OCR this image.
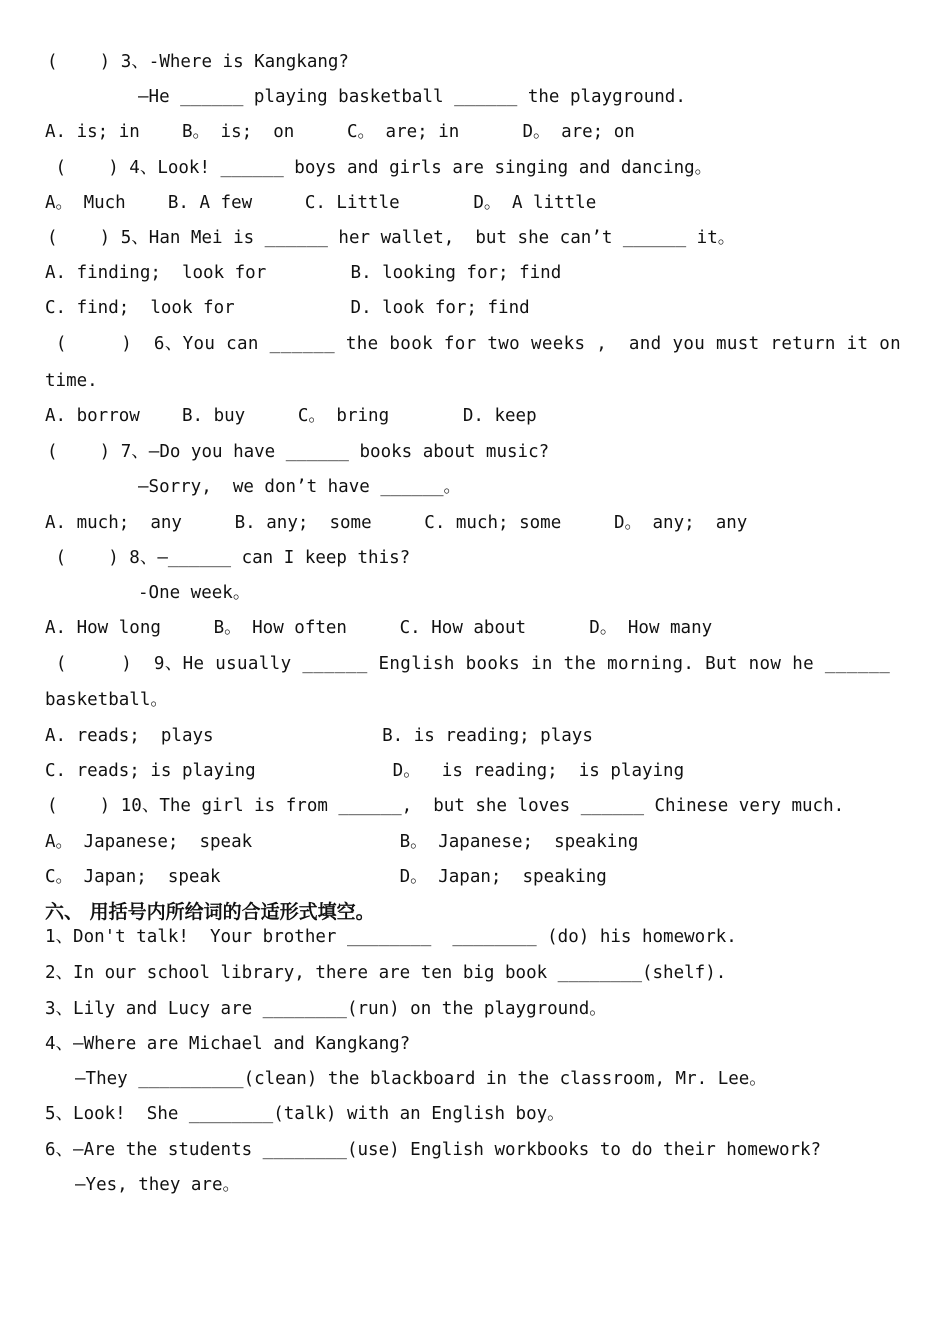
(    ) 3、-Where is Kangkang?
—He ______ playing basketball ______ the playground.
A. is; in    B。 is;  on     C。 are; in      D。 are; on
(    ) 4、Look! ______ boys and girls are singing and dancing。
A。 Much    B. A few     C. Little       D。 A little
(    ) 5、Han Mei is ______ her wallet,  but she can’t ______ it。
A. finding;  look for        B. looking for; find
C. find;  look for           D. look for; find
(     )  6、You can ______ the book for two weeks ,  and you must return it on
time.
A. borrow    B. buy     C。 bring       D. keep
(    ) 7、—Do you have ______ books about music?
—Sorry,  we don’t have ______。
A. much;  any     B. any;  some     C. much; some     D。 any;  any
(    ) 8、—______ can I keep this?
-One week。
A. How long     B。 How often     C. How about      D。 How many
(     )  9、He usually ______ English books in the morning. But now he ______
basketball。
A. reads;  plays                B. is reading; plays
C. reads; is playing             D。  is reading;  is playing
(    ) 10、The girl is from ______,  but she loves ______ Chinese very much.
A。 Japanese;  speak              B。 Japanese;  speaking
C。 Japan;  speak                 D。 Japan;  speaking
六、 用括号内所给词的合适形式填空。
1、Don't talk!  Your brother ________  ________ (do) his homework.
2、In our school library, there are ten big book ________(shelf).
3、Lily and Lucy are ________(run) on the playground。
4、—Where are Michael and Kangkang?
—They __________(clean) the blackboard in the classroom, Mr. Lee。
5、Look!  She ________(talk) with an English boy。
6、—Are the students ________(use) English workbooks to do their homework?
—Yes, they are。
